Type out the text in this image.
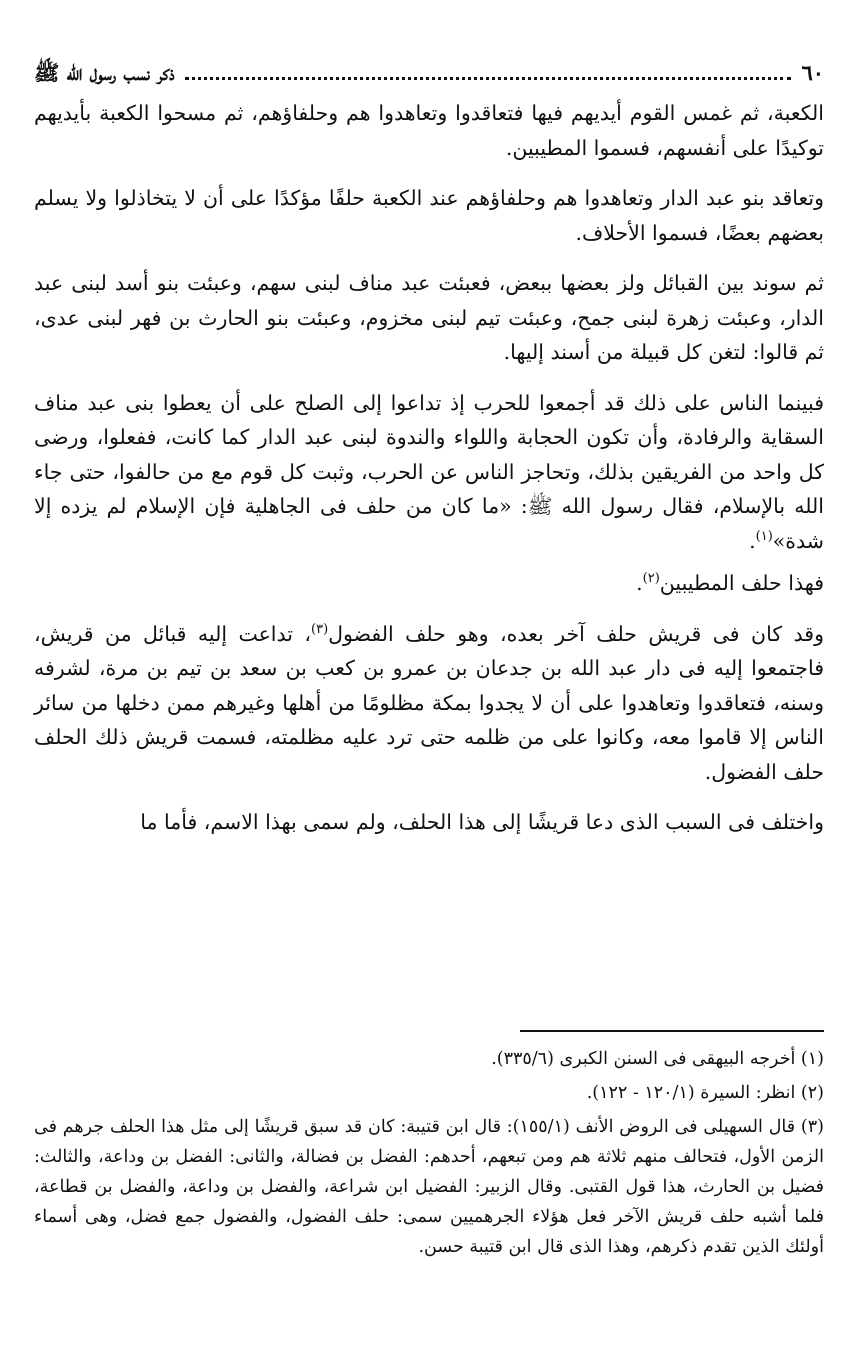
٦٠
ذكر نسب رسول الله ﷺ

الكعبة، ثم غمس القوم أيديهم فيها فتعاقدوا وتعاهدوا هم وحلفاؤهم، ثم مسحوا الكعبة بأيديهم توكيدًا على أنفسهم، فسموا المطيبين.

وتعاقد بنو عبد الدار وتعاهدوا هم وحلفاؤهم عند الكعبة حلفًا مؤكدًا على أن لا يتخاذلوا ولا يسلم بعضهم بعضًا، فسموا الأحلاف.

ثم سوند بين القبائل ولز بعضها ببعض، فعبئت عبد مناف لبنى سهم، وعبئت بنو أسد لبنى عبد الدار، وعبئت زهرة لبنى جمح، وعبئت تيم لبنى مخزوم، وعبئت بنو الحارث بن فهر لبنى عدى، ثم قالوا: لتغن كل قبيلة من أسند إليها.

فبينما الناس على ذلك قد أجمعوا للحرب إذ تداعوا إلى الصلح على أن يعطوا بنى عبد مناف السقاية والرفادة، وأن تكون الحجابة واللواء والندوة لبنى عبد الدار كما كانت، ففعلوا، ورضى كل واحد من الفريقين بذلك، وتحاجز الناس عن الحرب، وثبت كل قوم مع من حالفوا، حتى جاء الله بالإسلام، فقال رسول الله ﷺ: «ما كان من حلف فى الجاهلية فإن الإسلام لم يزده إلا شدة»$^{(١)}$.

فهذا حلف المطيبين$^{(٢)}$.

وقد كان فى قريش حلف آخر بعده، وهو حلف الفضول$^{(٣)}$، تداعت إليه قبائل من قريش، فاجتمعوا إليه فى دار عبد الله بن جدعان بن عمرو بن كعب بن سعد بن تيم بن مرة، لشرفه وسنه، فتعاقدوا وتعاهدوا على أن لا يجدوا بمكة مظلومًا من أهلها وغيرهم ممن دخلها من سائر الناس إلا قاموا معه، وكانوا على من ظلمه حتى ترد عليه مظلمته، فسمت قريش ذلك الحلف حلف الفضول.

واختلف فى السبب الذى دعا قريشًا إلى هذا الحلف، ولم سمى بهذا الاسم، فأما ما

(١) أخرجه البيهقى فى السنن الكبرى (٣٣٥/٦).

(٢) انظر: السيرة (١٢٠/١ - ١٢٢).

(٣) قال السهيلى فى الروض الأنف (١٥٥/١): قال ابن قتيبة: كان قد سبق قريشًا إلى مثل هذا الحلف جرهم فى الزمن الأول، فتحالف منهم ثلاثة هم ومن تبعهم، أحدهم: الفضل بن فضالة، والثانى: الفضل بن وداعة، والثالث: فضيل بن الحارث، هذا قول القتبى. وقال الزبير: الفضيل ابن شراعة، والفضل بن وداعة، والفضل بن قطاعة، فلما أشبه حلف قريش الآخر فعل هؤلاء الجرهميين سمى: حلف الفضول، والفضول جمع فضل، وهى أسماء أولئك الذين تقدم ذكرهم، وهذا الذى قال ابن قتيبة حسن.
